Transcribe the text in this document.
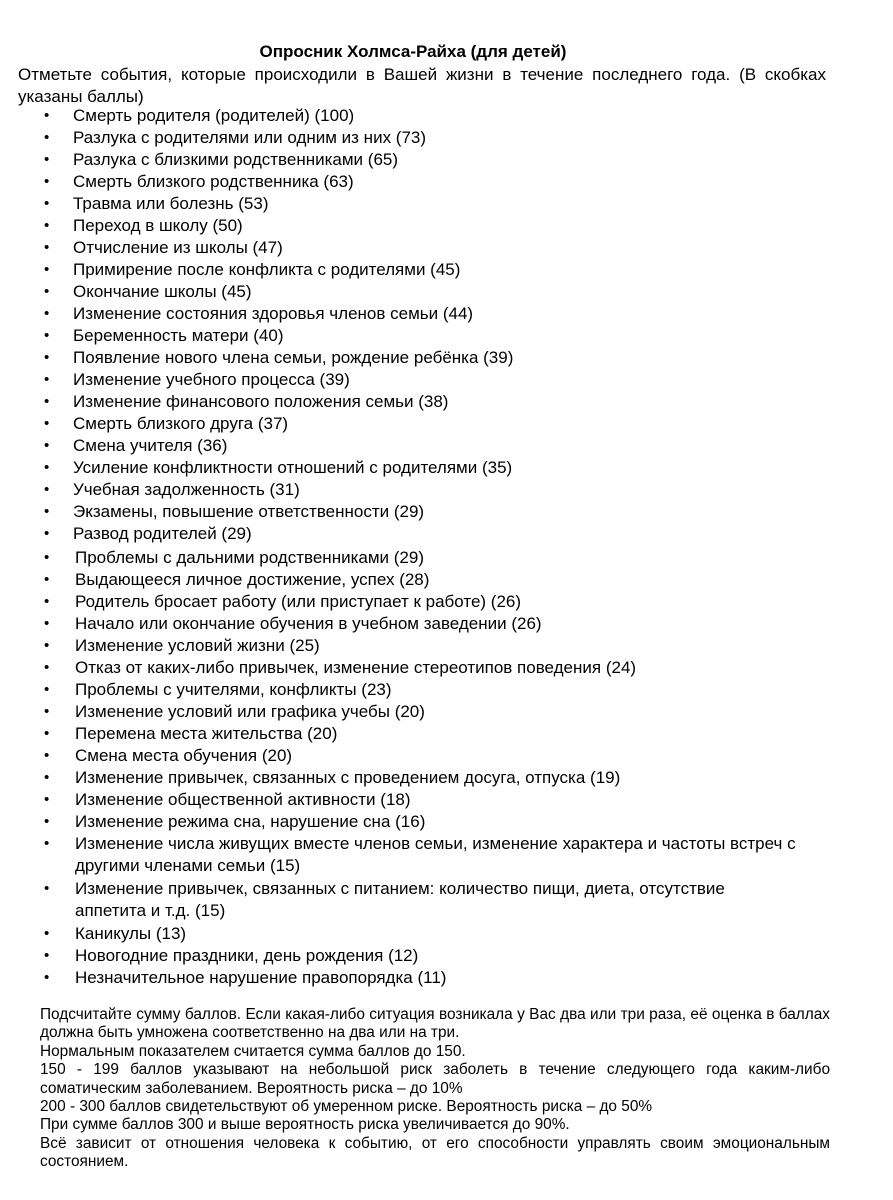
Опросник Холмса-Райха (для детей)

Отметьте события, которые происходили в Вашей жизни в течение последнего года. (В скобках указаны баллы)

• Смерть родителя (родителей) (100)
• Разлука с родителями или одним из них (73)
• Разлука с близкими родственниками (65)
• Смерть близкого родственника (63)
• Травма или болезнь (53)
• Переход в школу (50)
• Отчисление из школы (47)
• Примирение после конфликта с родителями (45)
• Окончание школы (45)
• Изменение состояния здоровья членов семьи (44)
• Беременность матери (40)
• Появление нового члена семьи, рождение ребёнка (39)
• Изменение учебного процесса (39)
• Изменение финансового положения семьи (38)
• Смерть близкого друга (37)
• Смена учителя (36)
• Усиление конфликтности отношений с родителями (35)
• Учебная задолженность (31)
• Экзамены, повышение ответственности (29)
• Развод родителей (29)
• Проблемы с дальними родственниками (29)
• Выдающееся личное достижение, успех (28)
• Родитель бросает работу (или приступает к работе) (26)
• Начало или окончание обучения в учебном заведении (26)
• Изменение условий жизни (25)
• Отказ от каких-либо привычек, изменение стереотипов поведения (24)
• Проблемы с учителями, конфликты (23)
• Изменение условий или графика учебы (20)
• Перемена места жительства (20)
• Смена места обучения (20)
• Изменение привычек, связанных с проведением досуга, отпуска (19)
• Изменение общественной активности (18)
• Изменение режима сна, нарушение сна (16)
• Изменение числа живущих вместе членов семьи, изменение характера и частоты встреч с другими членами семьи (15)
• Изменение привычек, связанных с питанием: количество пищи, диета, отсутствие аппетита и т.д. (15)
• Каникулы (13)
• Новогодние праздники, день рождения (12)
• Незначительное нарушение правопорядка (11)

Подсчитайте сумму баллов. Если какая-либо ситуация возникала у Вас два или три раза, её оценка в баллах должна быть умножена соответственно на два или на три.

Нормальным показателем считается сумма баллов до 150.

150 - 199 баллов указывают на небольшой риск заболеть в течение следующего года каким-либо соматическим заболеванием. Вероятность риска – до 10%

200 - 300 баллов свидетельствуют об умеренном риске. Вероятность риска – до 50%

При сумме баллов 300 и выше вероятность риска увеличивается до 90%.

Всё зависит от отношения человека к событию, от его способности управлять своим эмоциональным состоянием.
